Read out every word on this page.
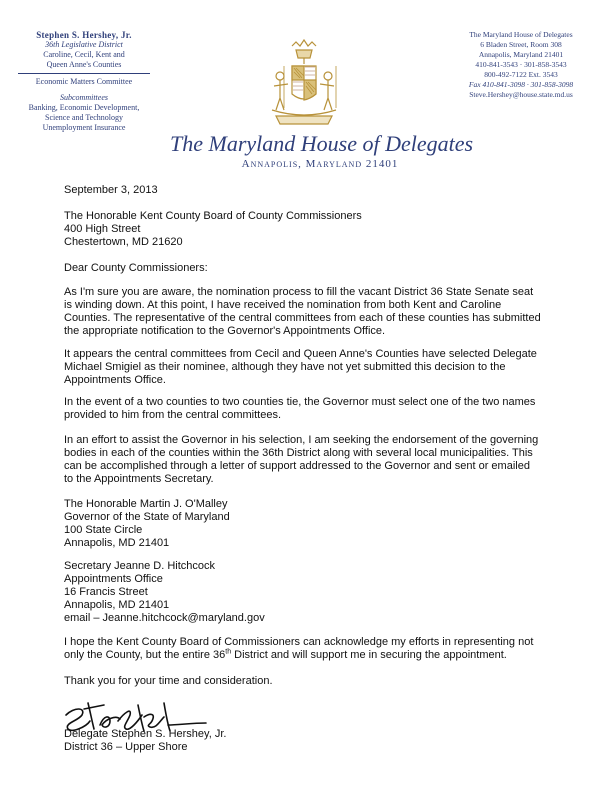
Stephen S. Hershey, Jr.
36th Legislative District
Caroline, Cecil, Kent and
Queen Anne's Counties
Economic Matters Committee
Subcommittees
Banking, Economic Development,
Science and Technology
Unemployment Insurance
The Maryland House of Delegates
6 Bladen Street, Room 308
Annapolis, Maryland 21401
410-841-3543 · 301-858-3543
800-492-7122 Ext. 3543
Fax 410-841-3098 · 301-858-3098
Steve.Hershey@house.state.md.us
The Maryland House of Delegates
Annapolis, Maryland 21401
September 3, 2013
The Honorable Kent County Board of County Commissioners
400 High Street
Chestertown, MD 21620
Dear County Commissioners:
As I'm sure you are aware, the nomination process to fill the vacant District 36 State Senate seat
is winding down. At this point, I have received the nomination from both Kent and Caroline
Counties. The representative of the central committees from each of these counties has submitted
the appropriate notification to the Governor's Appointments Office.
It appears the central committees from Cecil and Queen Anne's Counties have selected Delegate
Michael Smigiel as their nominee, although they have not yet submitted this decision to the
Appointments Office.
In the event of a two counties to two counties tie, the Governor must select one of the two names
provided to him from the central committees.
In an effort to assist the Governor in his selection, I am seeking the endorsement of the governing
bodies in each of the counties within the 36th District along with several local municipalities. This
can be accomplished through a letter of support addressed to the Governor and sent or emailed
to the Appointments Secretary.
The Honorable Martin J. O'Malley
Governor of the State of Maryland
100 State Circle
Annapolis, MD 21401
Secretary Jeanne D. Hitchcock
Appointments Office
16 Francis Street
Annapolis, MD 21401
email – Jeanne.hitchcock@maryland.gov
I hope the Kent County Board of Commissioners can acknowledge my efforts in representing not
only the County, but the entire 36th District and will support me in securing the appointment.
Thank you for your time and consideration.
Delegate Stephen S. Hershey, Jr.
District 36 – Upper Shore
